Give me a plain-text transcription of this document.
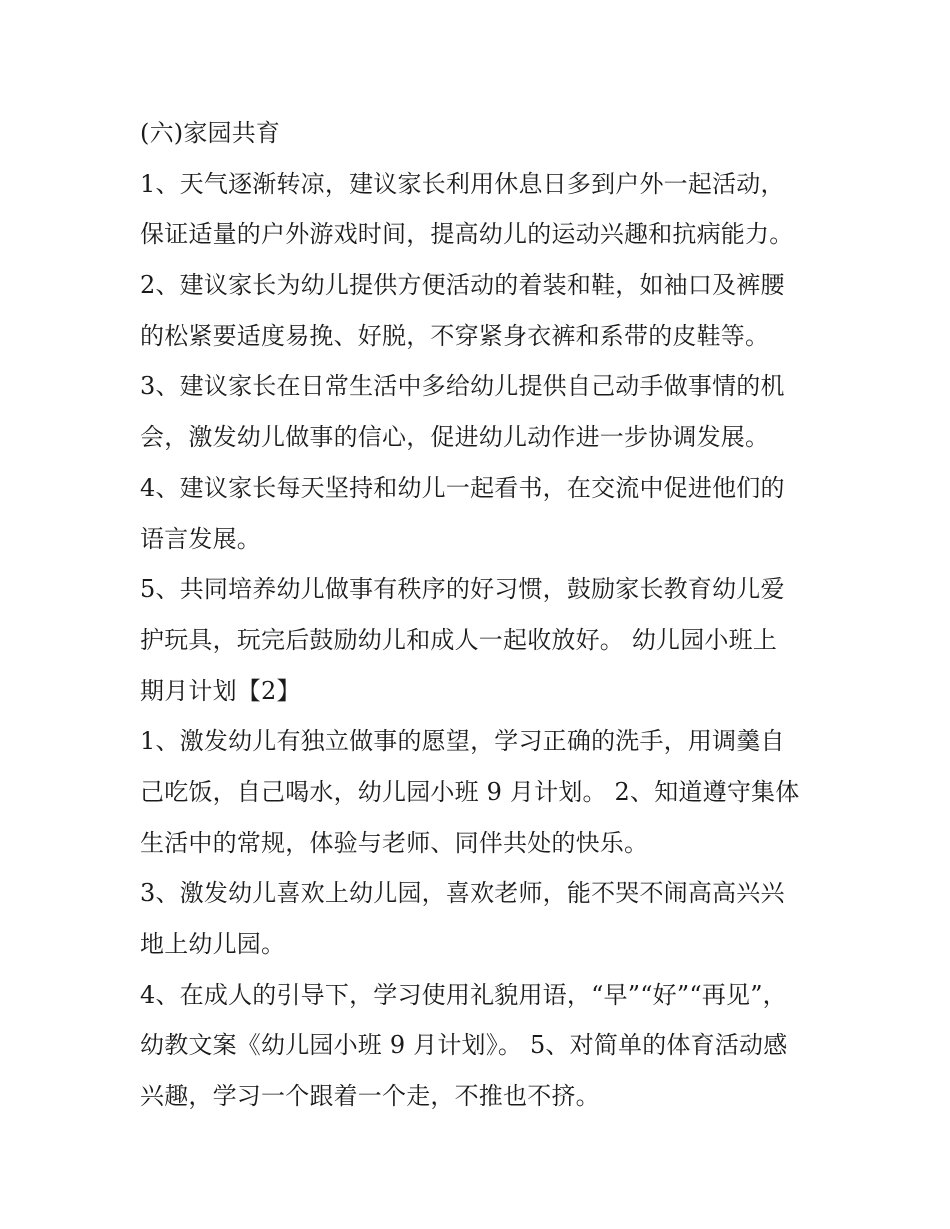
(六)家园共育
1、天气逐渐转凉，建议家长利用休息日多到户外一起活动，
保证适量的户外游戏时间，提高幼儿的运动兴趣和抗病能力。
2、建议家长为幼儿提供方便活动的着装和鞋，如袖口及裤腰
的松紧要适度易挽、好脱，不穿紧身衣裤和系带的皮鞋等。
3、建议家长在日常生活中多给幼儿提供自己动手做事情的机
会，激发幼儿做事的信心，促进幼儿动作进一步协调发展。
4、建议家长每天坚持和幼儿一起看书，在交流中促进他们的
语言发展。
5、共同培养幼儿做事有秩序的好习惯，鼓励家长教育幼儿爱
护玩具，玩完后鼓励幼儿和成人一起收放好。 幼儿园小班上
期月计划【2】
1、激发幼儿有独立做事的愿望，学习正确的洗手，用调羹自
己吃饭，自己喝水，幼儿园小班 9 月计划。 2、知道遵守集体
生活中的常规，体验与老师、同伴共处的快乐。
3、激发幼儿喜欢上幼儿园，喜欢老师，能不哭不闹高高兴兴
地上幼儿园。
4、在成人的引导下，学习使用礼貌用语，“早”“好”“再见”，
幼教文案《幼儿园小班 9 月计划》。 5、对简单的体育活动感
兴趣，学习一个跟着一个走，不推也不挤。
